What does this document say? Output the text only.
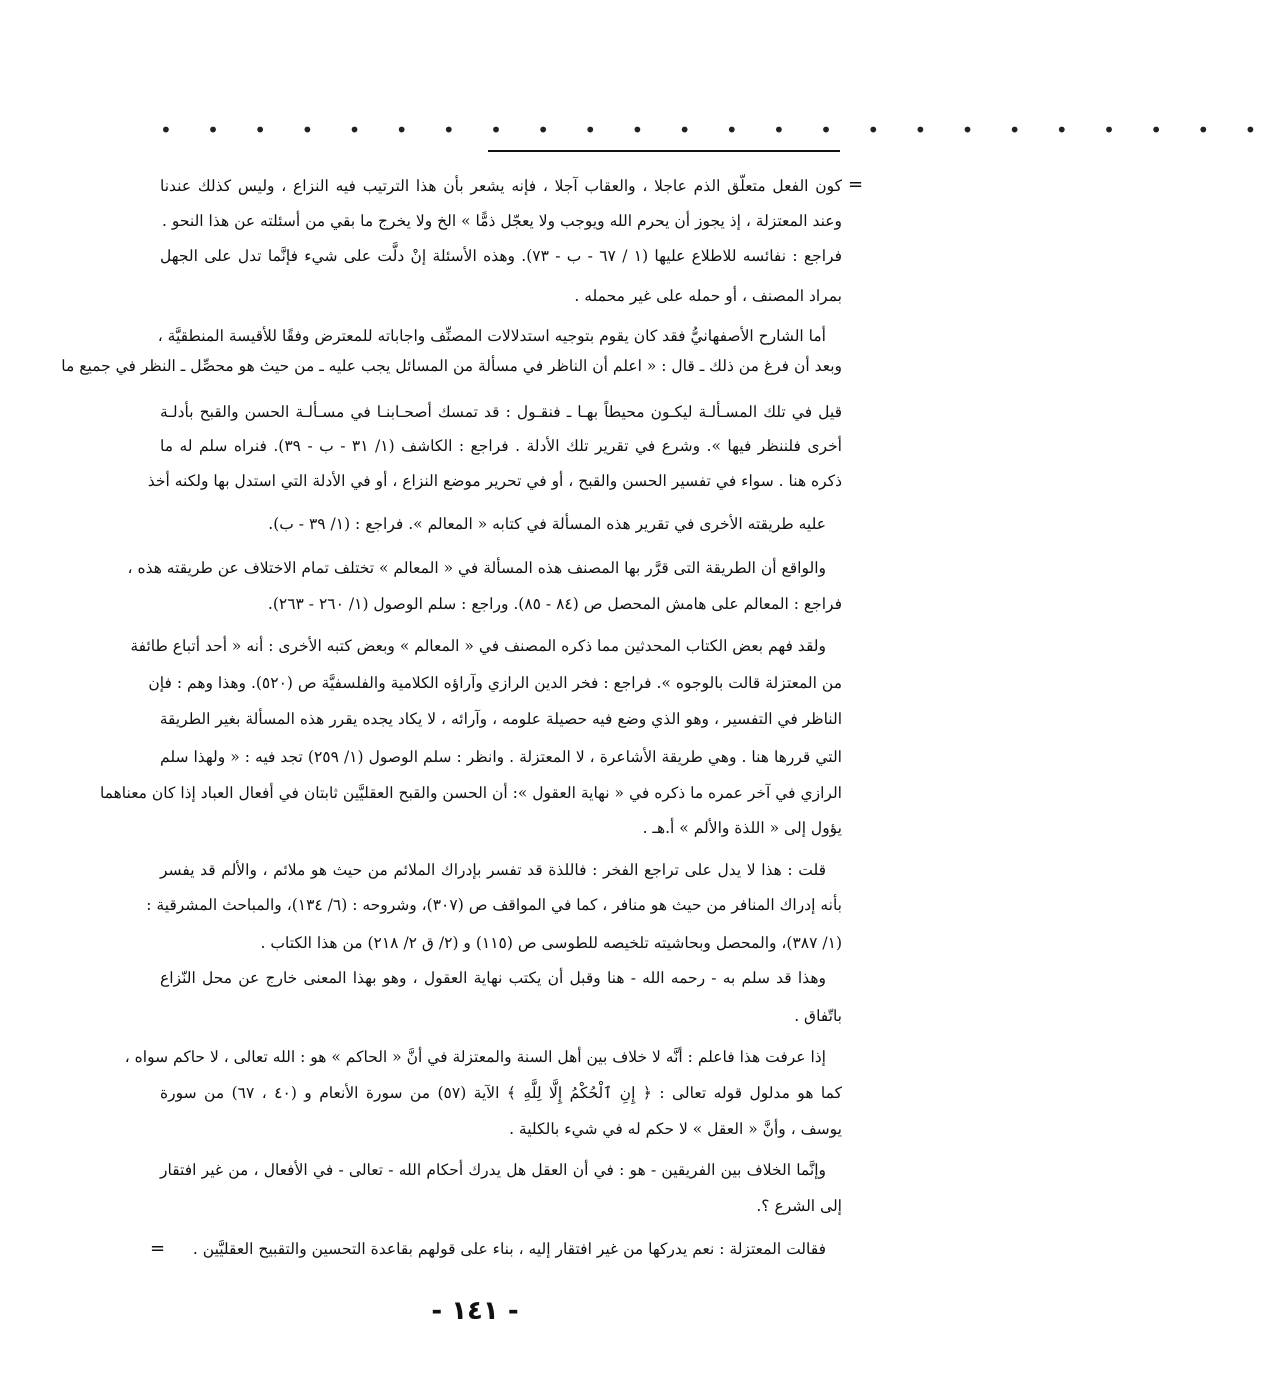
• • • • • • • • • • • • • • • • • • • • • • • •
=
كون الفعل متعلّق الذم عاجلا ، والعقاب آجلا ، فإنه يشعر بأن هذا الترتيب فيه النزاع ، وليس كذلك عندنا
وعند المعتزلة ، إذ يجوز أن يحرم الله ويوجب ولا يعجّل ذمًّا » الخ ولا يخرج ما بقي من أسئلته عن هذا النحو .
فراجع : نفائسه للاطلاع عليها (١ / ٦٧ - ب - ٧٣). وهذه الأسئلة إنْ دلَّت على شيء فإنَّما تدل على الجهل
بمراد المصنف ، أو حمله على غير محمله .
أما الشارح الأصفهانيُّ فقد كان يقوم بتوجيه استدلالات المصنِّف واجاباته للمعترض وفقًا للأقيسة المنطقيَّة ،
وبعد أن فرغ من ذلك ـ قال : « اعلم أن الناظر في مسألة من المسائل يجب عليه ـ من حيث هو محصِّل ـ النظر في جميع ما
قيل في تلك المسـألـة ليكـون محيطاً بهـا ـ فنقـول : قد تمسك أصحـابنـا في مسـألـة الحسن والقبح بأدلـة
أخرى فلننظر فيها ». وشرع في تقرير تلك الأدلة . فراجع : الكاشف (١/ ٣١ - ب - ٣٩). فنراه سلم له ما
ذكره هنا . سواء في تفسير الحسن والقبح ، أو في تحرير موضع النزاع ، أو في الأدلة التي استدل بها ولكنه أخذ
عليه طريقته الأخرى في تقرير هذه المسألة في كتابه « المعالم ». فراجع : (١/ ٣٩ - ب).
والواقع أن الطريقة التى قرَّر بها المصنف هذه المسألة في « المعالم » تختلف تمام الاختلاف عن طريقته هذه ،
فراجع : المعالم على هامش المحصل ص (٨٤ - ٨٥). وراجع : سلم الوصول (١/ ٢٦٠ - ٢٦٣).
ولقد فهم بعض الكتاب المحدثين مما ذكره المصنف في « المعالم » وبعض كتبه الأخرى : أنه « أحد أتباع طائفة
من المعتزلة قالت بالوجوه ». فراجع : فخر الدين الرازي وآراؤه الكلامية والفلسفيَّة ص (٥٢٠). وهذا وهم : فإن
الناظر في التفسير ، وهو الذي وضع فيه حصيلة علومه ، وآرائه ، لا يكاد يجده يقرر هذه المسألة بغير الطريقة
التي قررها هنا . وهي طريقة الأشاعرة ، لا المعتزلة . وانظر : سلم الوصول (١/ ٢٥٩) تجد فيه : « ولهذا سلم
الرازي في آخر عمره ما ذكره في « نهاية العقول »: أن الحسن والقبح العقليَّين ثابتان في أفعال العباد إذا كان معناهما
يؤول إلى « اللذة والألم » أ.هـ .
قلت : هذا لا يدل على تراجع الفخر : فاللذة قد تفسر بإدراك الملائم من حيث هو ملائم ، والألم قد يفسر
بأنه إدراك المنافر من حيث هو منافر ، كما في المواقف ص (٣٠٧)، وشروحه : (٦/ ١٣٤)، والمباحث المشرقية :
(١/ ٣٨٧)، والمحصل وبحاشيته تلخيصه للطوسى ص (١١٥) و (٢/ ق ٢/ ٢١٨) من هذا الكتاب .
وهذا قد سلم به - رحمه الله - هنا وقبل أن يكتب نهاية العقول ، وهو بهذا المعنى خارج عن محل النّزاع
باتّفاق .
إذا عرفت هذا فاعلم : أنَّه لا خلاف بين أهل السنة والمعتزلة في أنَّ « الحاكم » هو : الله تعالى ، لا حاكم سواه ،
كما هو مدلول قوله تعالى : ﴿ إِنِ ٱلْحُكْمُ إِلَّا لِلَّهِ ﴾ الآية (٥٧) من سورة الأنعام و (٤٠ ، ٦٧) من سورة
يوسف ، وأنَّ « العقل » لا حكم له في شيء بالكلية .
وإنَّما الخلاف بين الفريقين - هو : في أن العقل هل يدرك أحكام الله - تعالى - في الأفعال ، من غير افتقار
إلى الشرع ؟.
فقالت المعتزلة : نعم يدركها من غير افتقار إليه ، بناء على قولهم بقاعدة التحسين والتقبيح العقليَّين .
=
- ١٤١ -
